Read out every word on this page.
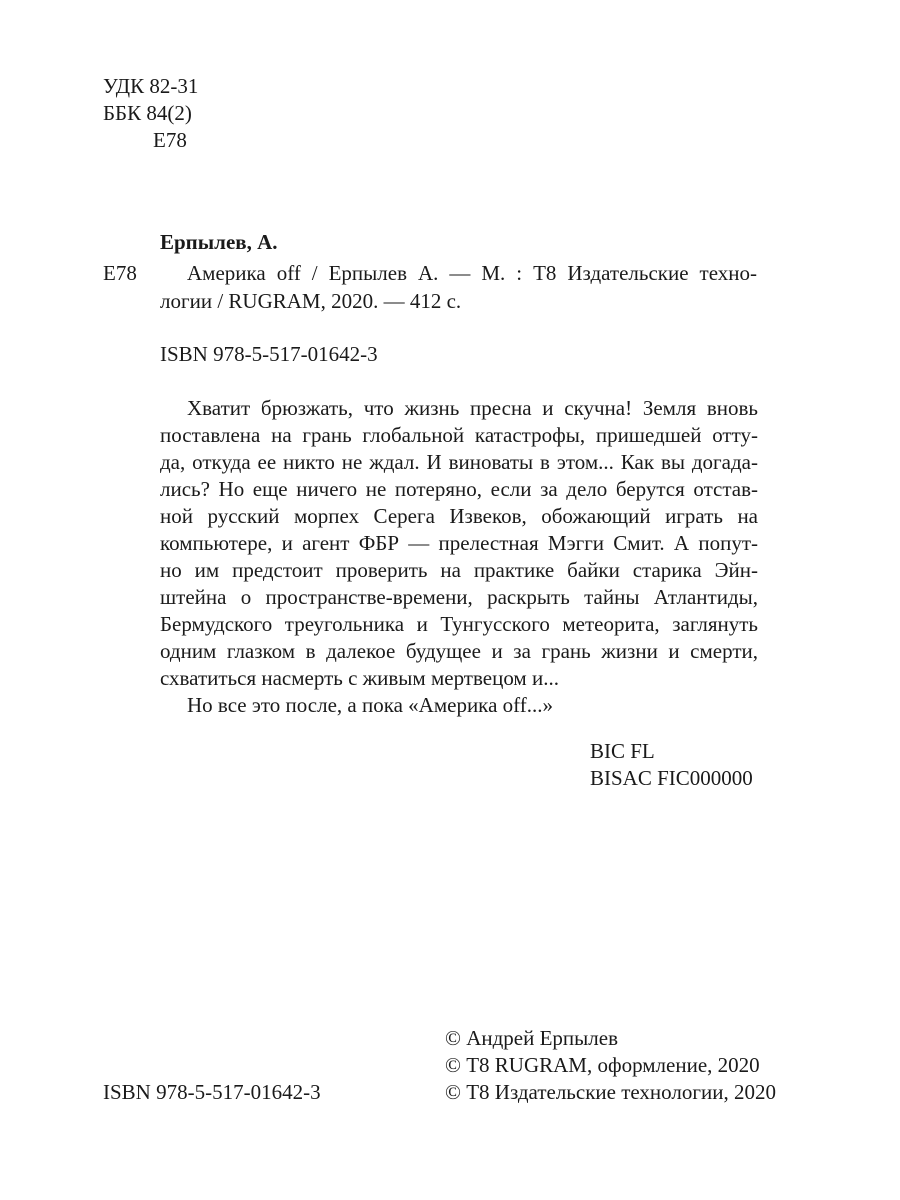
УДК 82-31
ББК 84(2)
Е78
Ерпылев, А.
Е78 Америка off / Ерпылев А. — М. : Т8 Издательские техно-
логии / RUGRAM, 2020. — 412 с.
ISBN 978-5-517-01642-3
Хватит брюзжать, что жизнь пресна и скучна! Земля вновь
поставлена на грань глобальной катастрофы, пришедшей отту-
да, откуда ее никто не ждал. И виноваты в этом... Как вы догада-
лись? Но еще ничего не потеряно, если за дело берутся отстав-
ной русский морпех Серега Извеков, обожающий играть на
компьютере, и агент ФБР — прелестная Мэгги Смит. А попут-
но им предстоит проверить на практике байки старика Эйн-
штейна о пространстве-времени, раскрыть тайны Атлантиды,
Бермудского треугольника и Тунгусского метеорита, заглянуть
одним глазком в далекое будущее и за грань жизни и смерти,
схватиться насмерть с живым мертвецом и...
Но все это после, а пока «Америка off...»
BIC FL
BISAC FIC000000
© Андрей Ерпылев
© Т8 RUGRAM, оформление, 2020
© Т8 Издательские технологии, 2020
ISBN 978-5-517-01642-3
